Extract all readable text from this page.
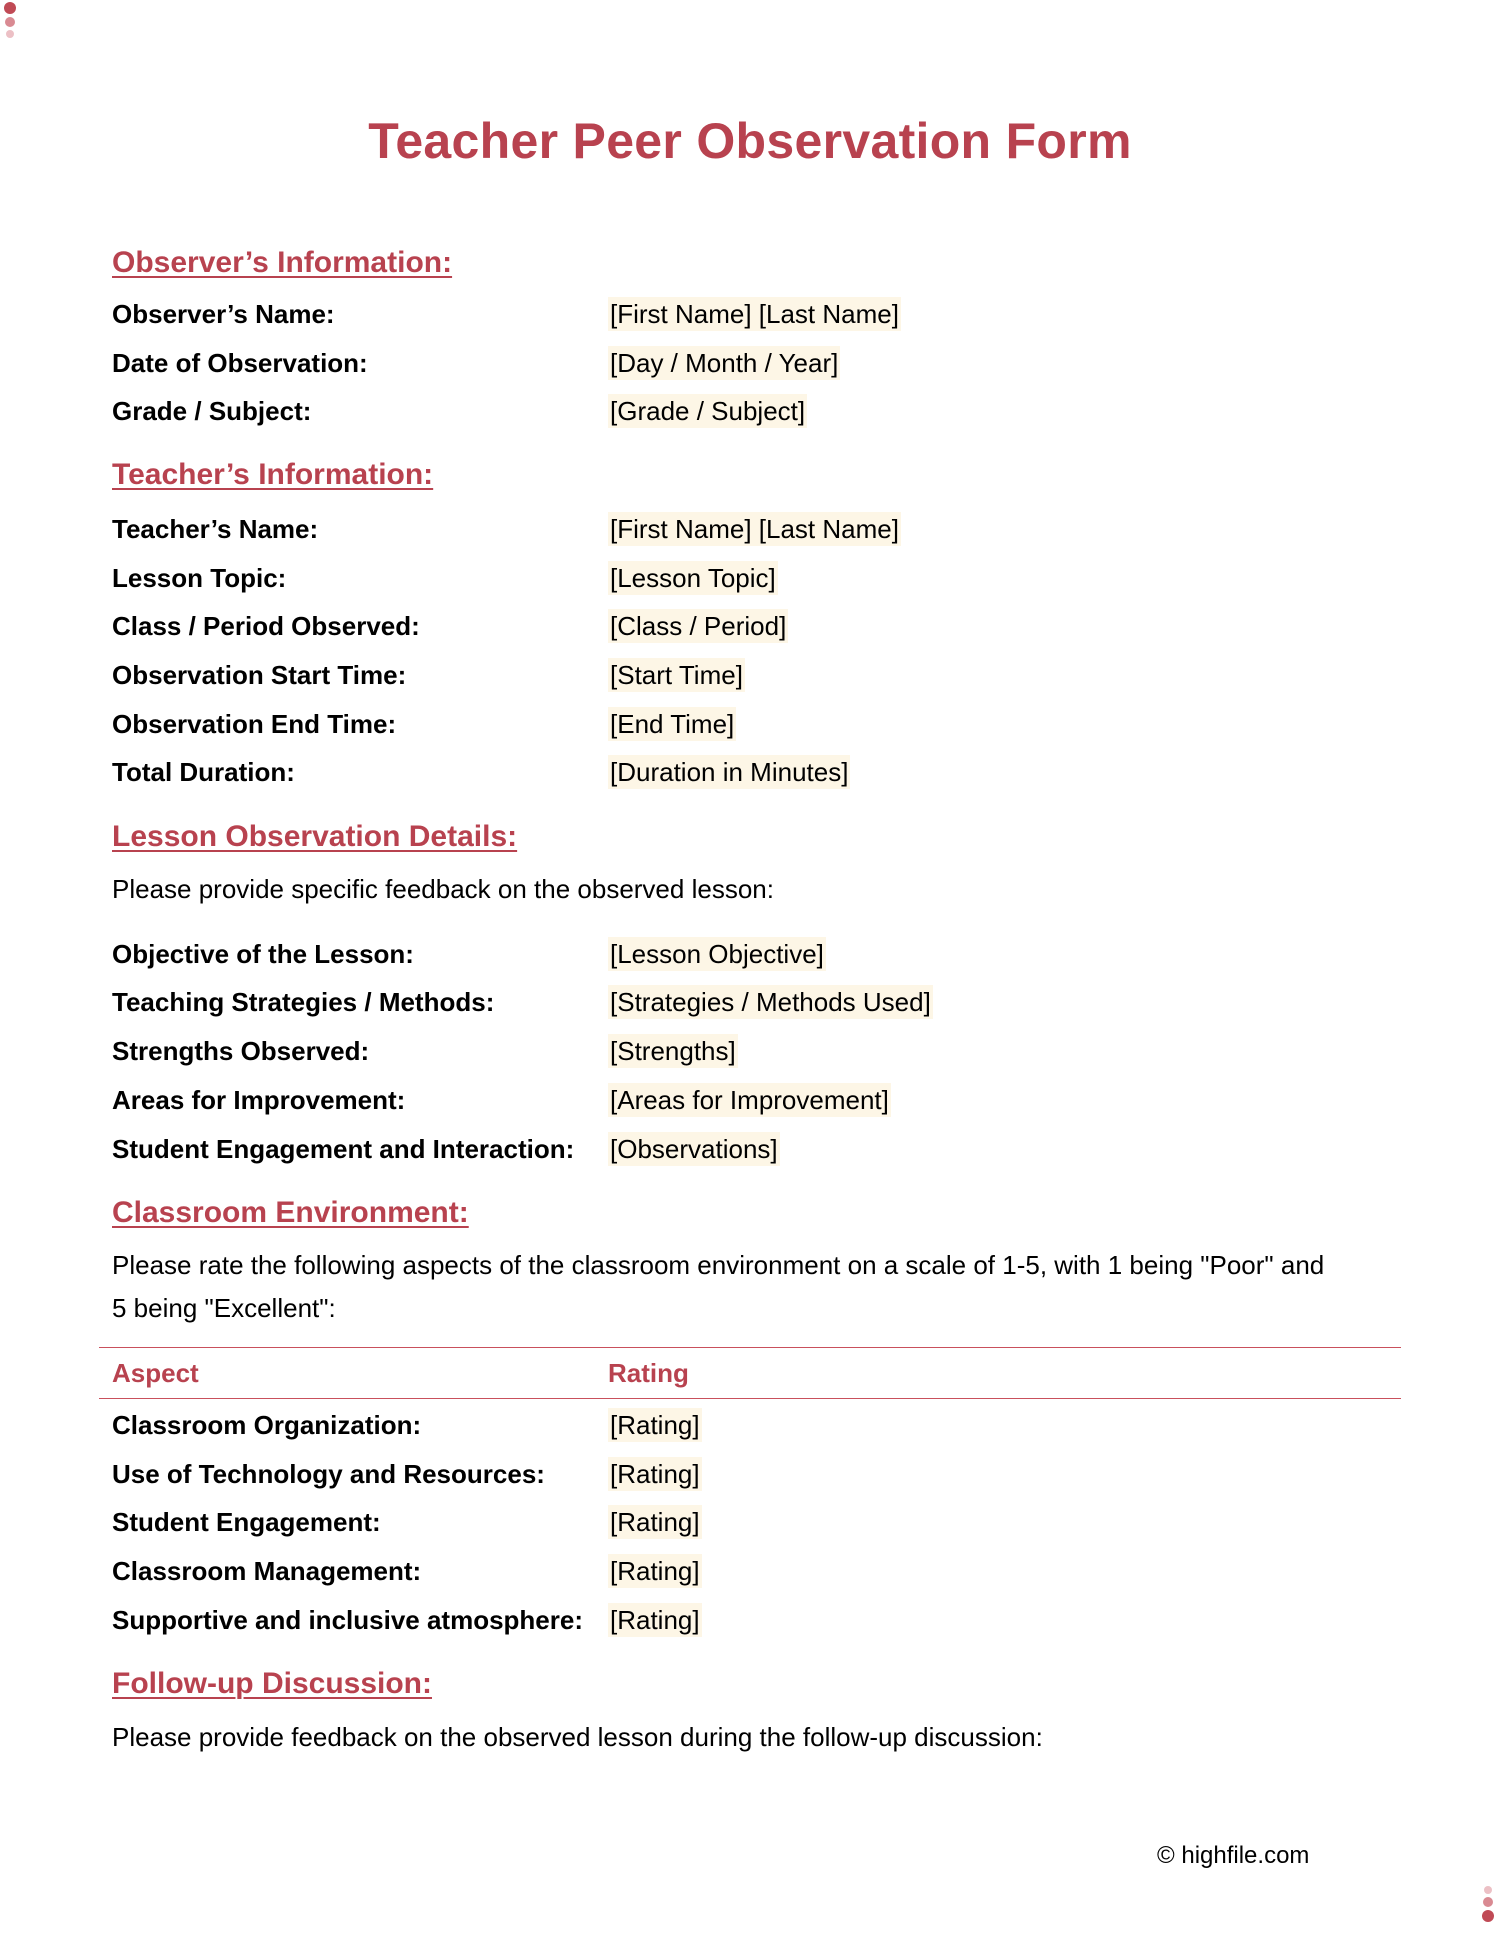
Teacher Peer Observation Form
Observer’s Information:
Observer’s Name:	[First Name] [Last Name]
Date of Observation:	[Day / Month / Year]
Grade / Subject:	[Grade / Subject]
Teacher’s Information:
Teacher’s Name:	[First Name] [Last Name]
Lesson Topic:	[Lesson Topic]
Class / Period Observed:	[Class / Period]
Observation Start Time:	[Start Time]
Observation End Time:	[End Time]
Total Duration:	[Duration in Minutes]
Lesson Observation Details:
Please provide specific feedback on the observed lesson:
Objective of the Lesson:	[Lesson Objective]
Teaching Strategies / Methods:	[Strategies / Methods Used]
Strengths Observed:	[Strengths]
Areas for Improvement:	[Areas for Improvement]
Student Engagement and Interaction: [Observations]
Classroom Environment:
Please rate the following aspects of the classroom environment on a scale of 1-5, with 1 being "Poor" and
5 being "Excellent":
Aspect	Rating
Classroom Organization:	[Rating]
Use of Technology and Resources:	[Rating]
Student Engagement:	[Rating]
Classroom Management:	[Rating]
Supportive and inclusive atmosphere: [Rating]
Follow-up Discussion:
Please provide feedback on the observed lesson during the follow-up discussion:
© highfile.com
